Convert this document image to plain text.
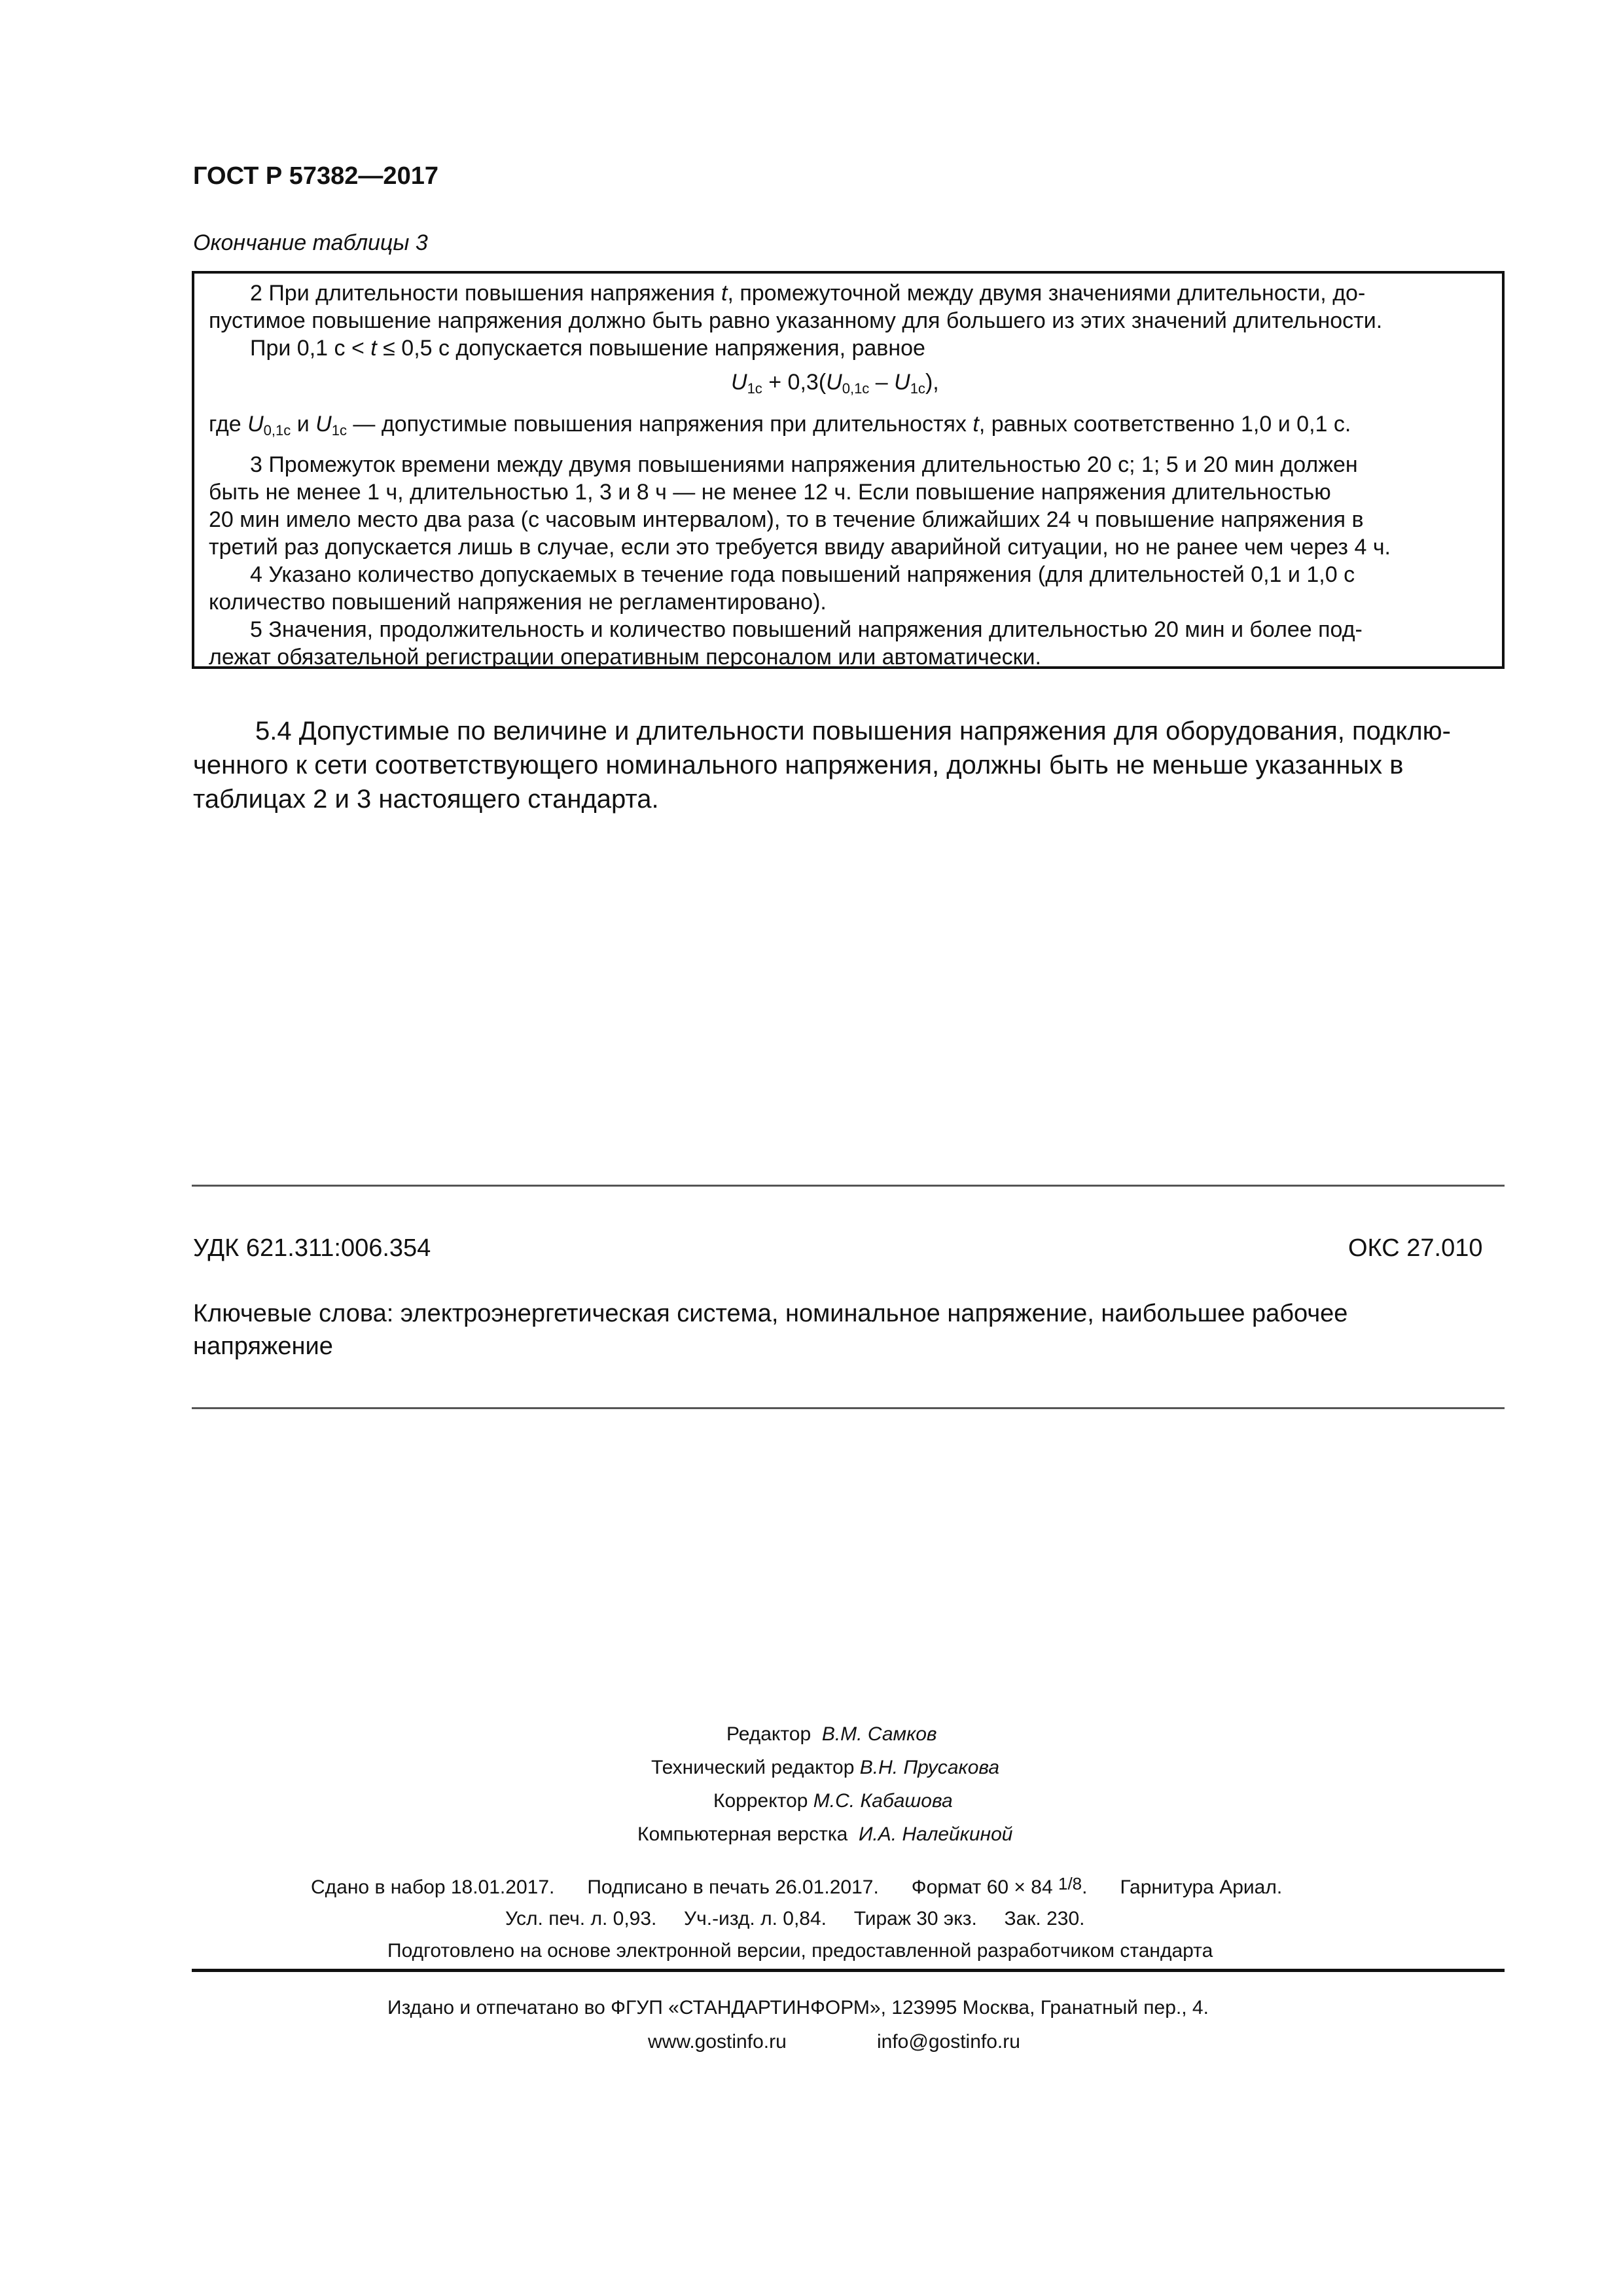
ГОСТ Р 57382—2017
Окончание таблицы 3
2 При длительности повышения напряжения t, промежуточной между двумя значениями длительности, до-
пустимое повышение напряжения должно быть равно указанному для большего из этих значений длительности.
При 0,1 с < t ≤ 0,5 с допускается повышение напряжения, равное
$U_{1с} + 0,3(U_{0,1с} - U_{1с})$,
где $U_{0,1с}$ и $U_{1с}$ — допустимые повышения напряжения при длительностях t, равных соответственно 1,0 и 0,1 с.
3 Промежуток времени между двумя повышениями напряжения длительностью 20 с; 1; 5 и 20 мин должен
быть не менее 1 ч, длительностью 1, 3 и 8 ч — не менее 12 ч. Если повышение напряжения длительностью
20 мин имело место два раза (с часовым интервалом), то в течение ближайших 24 ч повышение напряжения в
третий раз допускается лишь в случае, если это требуется ввиду аварийной ситуации, но не ранее чем через 4 ч.
4 Указано количество допускаемых в течение года повышений напряжения (для длительностей 0,1 и 1,0 с
количество повышений напряжения не регламентировано).
5 Значения, продолжительность и количество повышений напряжения длительностью 20 мин и более под-
лежат обязательной регистрации оперативным персоналом или автоматически.
5.4 Допустимые по величине и длительности повышения напряжения для оборудования, подклю-
ченного к сети соответствующего номинального напряжения, должны быть не меньше указанных в
таблицах 2 и 3 настоящего стандарта.
УДК 621.311:006.354	ОКС 27.010
Ключевые слова: электроэнергетическая система, номинальное напряжение, наибольшее рабочее
напряжение
Редактор В.М. Самков
Технический редактор В.Н. Прусакова
Корректор М.С. Кабашова
Компьютерная верстка И.А. Налейкиной
Сдано в набор 18.01.2017. Подписано в печать 26.01.2017. Формат 60 × 84 1/8.      Гарнитура Ариал.
Усл. печ. л. 0,93. Уч.-изд. л. 0,84. Тираж 30 экз. Зак. 230.
Подготовлено на основе электронной версии, предоставленной разработчиком стандарта
Издано и отпечатано во ФГУП «СТАНДАРТИНФОРМ», 123995 Москва, Гранатный пер., 4.
www.gostinfo.ru	info@gostinfo.ru
